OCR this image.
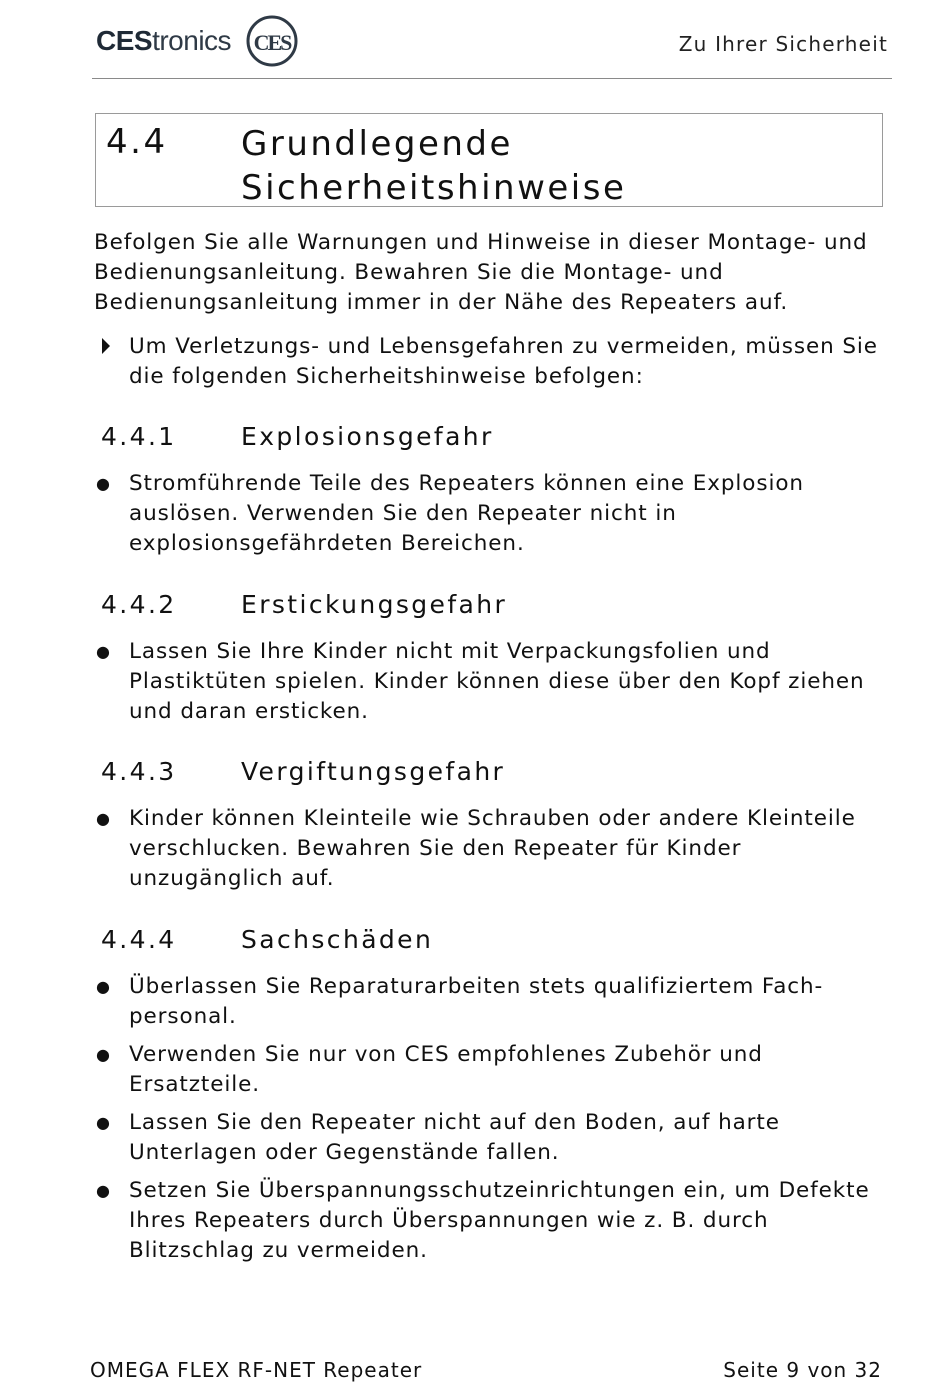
CEStronics CES	Zu Ihrer Sicherheit
4.4 Grundlegende
Sicherheitshinweise
Befolgen Sie alle Warnungen und Hinweise in dieser Montage- und Bedienungsanleitung. Bewahren Sie die Montage- und Bedienungsanleitung immer in der Nähe des Repeaters auf.
Um Verletzungs- und Lebensgefahren zu vermeiden, müssen Sie die folgenden Sicherheitshinweise befolgen:
4.4.1	Explosionsgefahr
● Stromführende Teile des Repeaters können eine Explosion auslösen. Verwenden Sie den Repeater nicht in explosionsgefährdeten Bereichen.
4.4.2	Erstickungsgefahr
● Lassen Sie Ihre Kinder nicht mit Verpackungsfolien und Plastiktüten spielen. Kinder können diese über den Kopf ziehen und daran ersticken.
4.4.3	Vergiftungsgefahr
● Kinder können Kleinteile wie Schrauben oder andere Kleinteile verschlucken. Bewahren Sie den Repeater für Kinder unzugänglich auf.
4.4.4	Sachschäden
● Überlassen Sie Reparaturarbeiten stets qualifiziertem Fach-personal.
● Verwenden Sie nur von CES empfohlenes Zubehör und Ersatzteile.
● Lassen Sie den Repeater nicht auf den Boden, auf harte Unterlagen oder Gegenstände fallen.
● Setzen Sie Überspannungsschutzeinrichtungen ein, um Defekte Ihres Repeaters durch Überspannungen wie z. B. durch Blitzschlag zu vermeiden.
OMEGA FLEX RF-NET Repeater	Seite 9 von 32
